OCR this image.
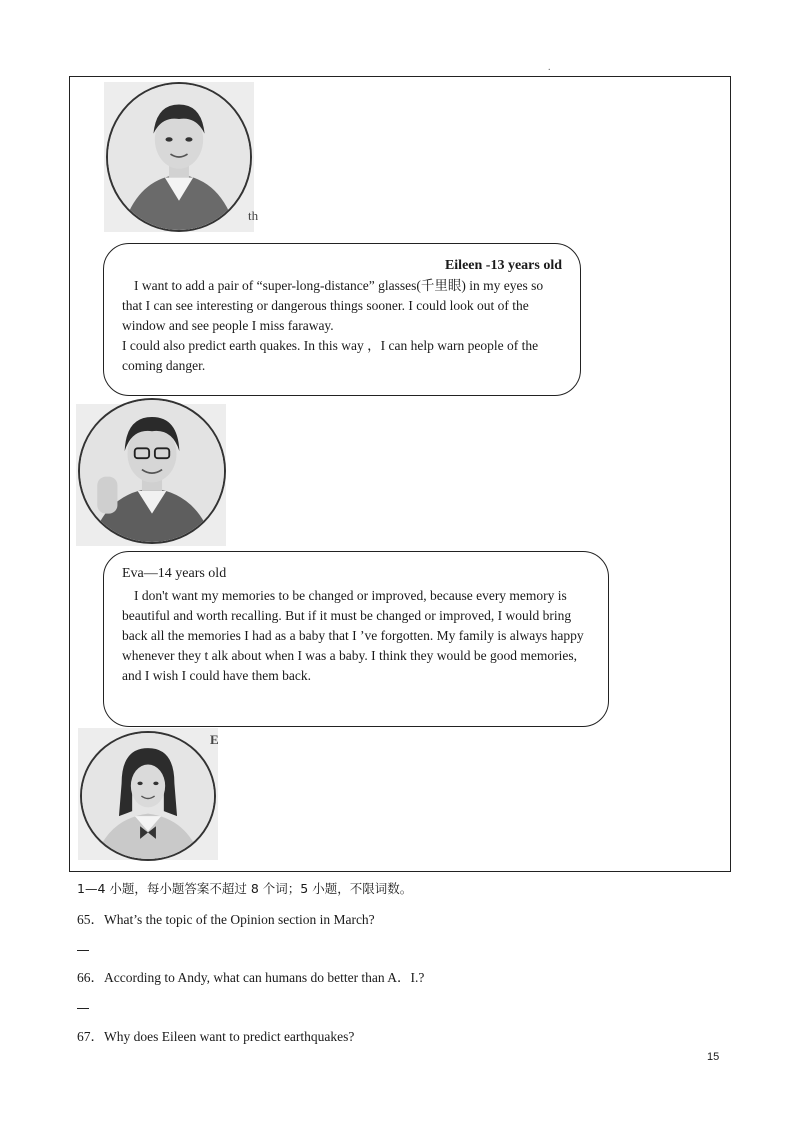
.
th
Eileen -13 years old

I want to add a pair of “super-long-distance” glasses(千里眼) in my eyes so that I can see interesting or dangerous things sooner. I could look out of the window and see people I miss faraway.

I could also predict earth quakes. In this way ，I can help warn people of the coming danger.

Eva—14 years old

I don't want my memories to be changed or improved, because every memory is beautiful and worth recalling. But if it must be changed or improved, I would bring back all the memories I had as a baby that I ’ve forgotten. My family is always happy whenever they t alk about when I was a baby. I think they would be good memories, and I wish I could have them back.

E
1—4 小题，每小题答案不超过 8 个词；5 小题，不限词数。
65．What’s the topic of the Opinion section in March?
66．According to Andy, what can humans do better than A．I.?
67．Why does Eileen want to predict earthquakes?
15
